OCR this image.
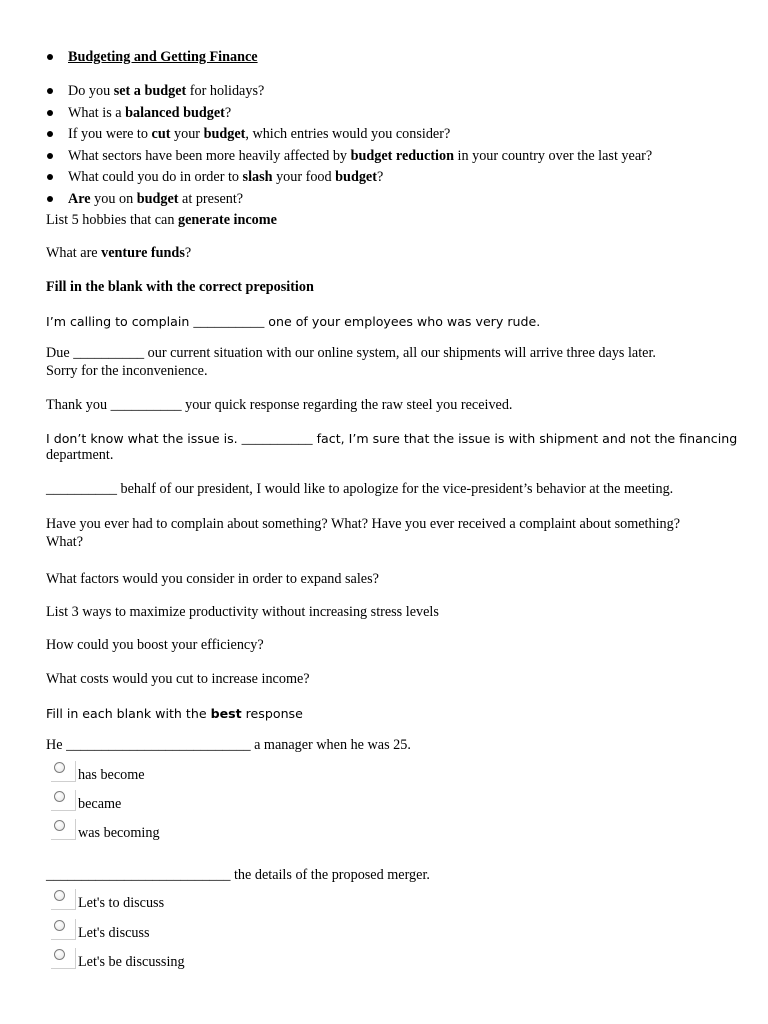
Budgeting and Getting Finance
Do you set a budget for holidays?
What is a balanced budget?
If you were to cut your budget, which entries would you consider?
What sectors have been more heavily affected by budget reduction in your country over the last year?
What could you do in order to slash your food budget?
Are you on budget at present?
List 5 hobbies that can generate income
What are venture funds?
Fill in the blank with the correct preposition
I’m calling to complain __________ one of your employees who was very rude.
Due __________ our current situation with our online system, all our shipments will arrive three days later.
Sorry for the inconvenience.
Thank you __________ your quick response regarding the raw steel you received.
I don’t know what the issue is. __________ fact, I’m sure that the issue is with shipment and not the financing
department.
__________ behalf of our president, I would like to apologize for the vice-president’s behavior at the meeting.
Have you ever had to complain about something? What? Have you ever received a complaint about something?
What?
What factors would you consider in order to expand sales?
List 3 ways to maximize productivity without increasing stress levels
How could you boost your efficiency?
What costs would you cut to increase income?
Fill in each blank with the best response
He __________________________ a manager when he was 25.
has become
became
was becoming
__________________________ the details of the proposed merger.
Let's to discuss
Let's discuss
Let's be discussing
